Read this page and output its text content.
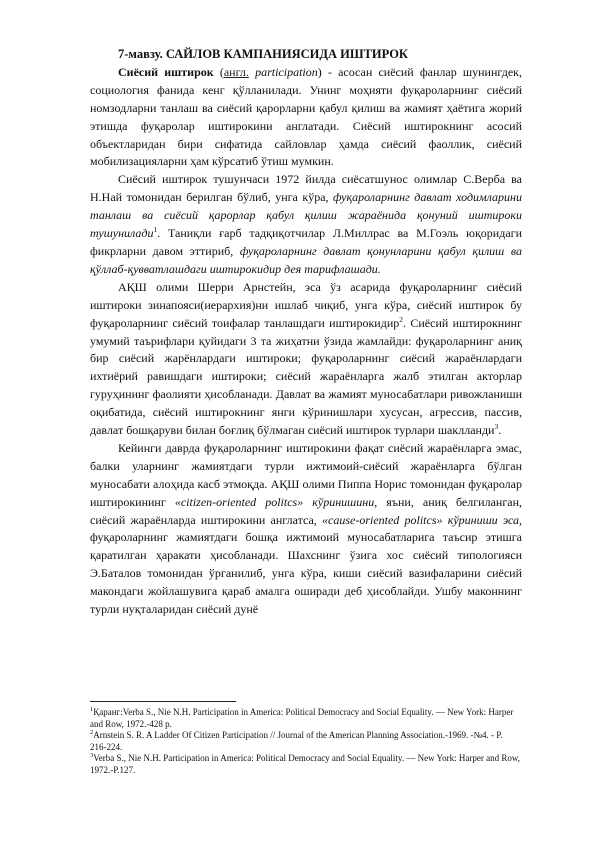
7-мавзу. САЙЛОВ КАМПАНИЯСИДА ИШТИРОК

Сиёсий иштирок (англ. participation) - асосан сиёсий фанлар шунингдек, социология фанида кенг қўлланилади. Унинг моҳияти фуқароларнинг сиёсий номзодларни танлаш ва сиёсий қарорларни қабул қилиш ва жамият ҳаётига жорий этишда фуқаролар иштирокини англатади. Сиёсий иштирокнинг асосий объектларидан бири сифатида сайловлар ҳамда сиёсий фаоллик, сиёсий мобилизацияларни ҳам кўрсатиб ўтиш мумкин.

Сиёсий иштирок тушунчаси 1972 йилда сиёсатшунос олимлар С.Верба ва Н.Най томонидан берилган бўлиб, унга кўра, фуқароларнинг давлат ходимларини танлаш ва сиёсий қарорлар қабул қилиш жараёнида қонуний иштироки тушунилади$^1$. Таниқли ғарб тадқиқотчилар Л.Миллрас ва М.Гоэль юқоридаги фикрларни давом эттириб, фуқароларнинг давлат қонунларини қабул қилиш ва қўллаб-қувватлашдаги иштирокидир дея тарифлашади.

АҚШ олими Шерри Арнстейн, эса ўз асарида фуқароларнинг сиёсий иштироки зинапояси(иерархия)ни ишлаб чиқиб, унга кўра, сиёсий иштирок бу фуқароларнинг сиёсий тоифалар танлашдаги иштирокидир$^2$. Сиёсий иштирокнинг умумий таърифлари қуйидаги 3 та жиҳатни ўзида жамлайди: фуқароларнинг аниқ бир сиёсий жарёнлардаги иштироки; фуқароларнинг сиёсий жараёнлардаги ихтиёрий равишдаги иштироки; сиёсий жараёнларга жалб этилган акторлар гуруҳининг фаолияти ҳисобланади. Давлат ва жамият муносабатлари ривожланиши оқибатида, сиёсий иштирокнинг янги кўринишлари хусусан, агрессив, пассив, давлат бошқаруви билан боғлиқ бўлмаган сиёсий иштирок турлари шаклланди$^3$.

Кейинги даврда фуқароларнинг иштирокини фақат сиёсий жараёнларга эмас, балки уларнинг жамиятдаги турли ижтимоий-сиёсий жараёнларга бўлган муносабати алоҳида касб этмоқда. АҚШ олими Пиппа Норис томонидан фуқаролар иштирокининг «citizen-oriented politcs» кўринишини, яъни, аниқ белгиланган, сиёсий жараёнларда иштирокини англатса, «cause-oriented politcs» кўриниши эса, фуқароларнинг жамиятдаги бошқа ижтимоий муносабатларига таъсир этишга қаратилган ҳаракати ҳисобланади. Шахснинг ўзига хос сиёсий типологияси Э.Баталов томонидан ўрганилиб, унга кўра, киши сиёсий вазифаларини сиёсий макондаги жойлашувига қараб амалга оширади деб ҳисоблайди. Ушбу маконнинг турли нуқталаридан сиёсий дунё

$^1$Қаранг:Verba S., Nie N.H. Participation in America: Political Democracy and Social Equality. — New York: Harper and Row, 1972.-428 p.

$^2$Arnstein S. R. A Ladder Of Citizen Participation // Journal of the American Planning Association.-1969. -№4. - P. 216-224.

$^3$Verba S., Nie N.H. Participation in America: Political Democracy and Social Equality. — New York: Harper and Row, 1972.-P.127.
